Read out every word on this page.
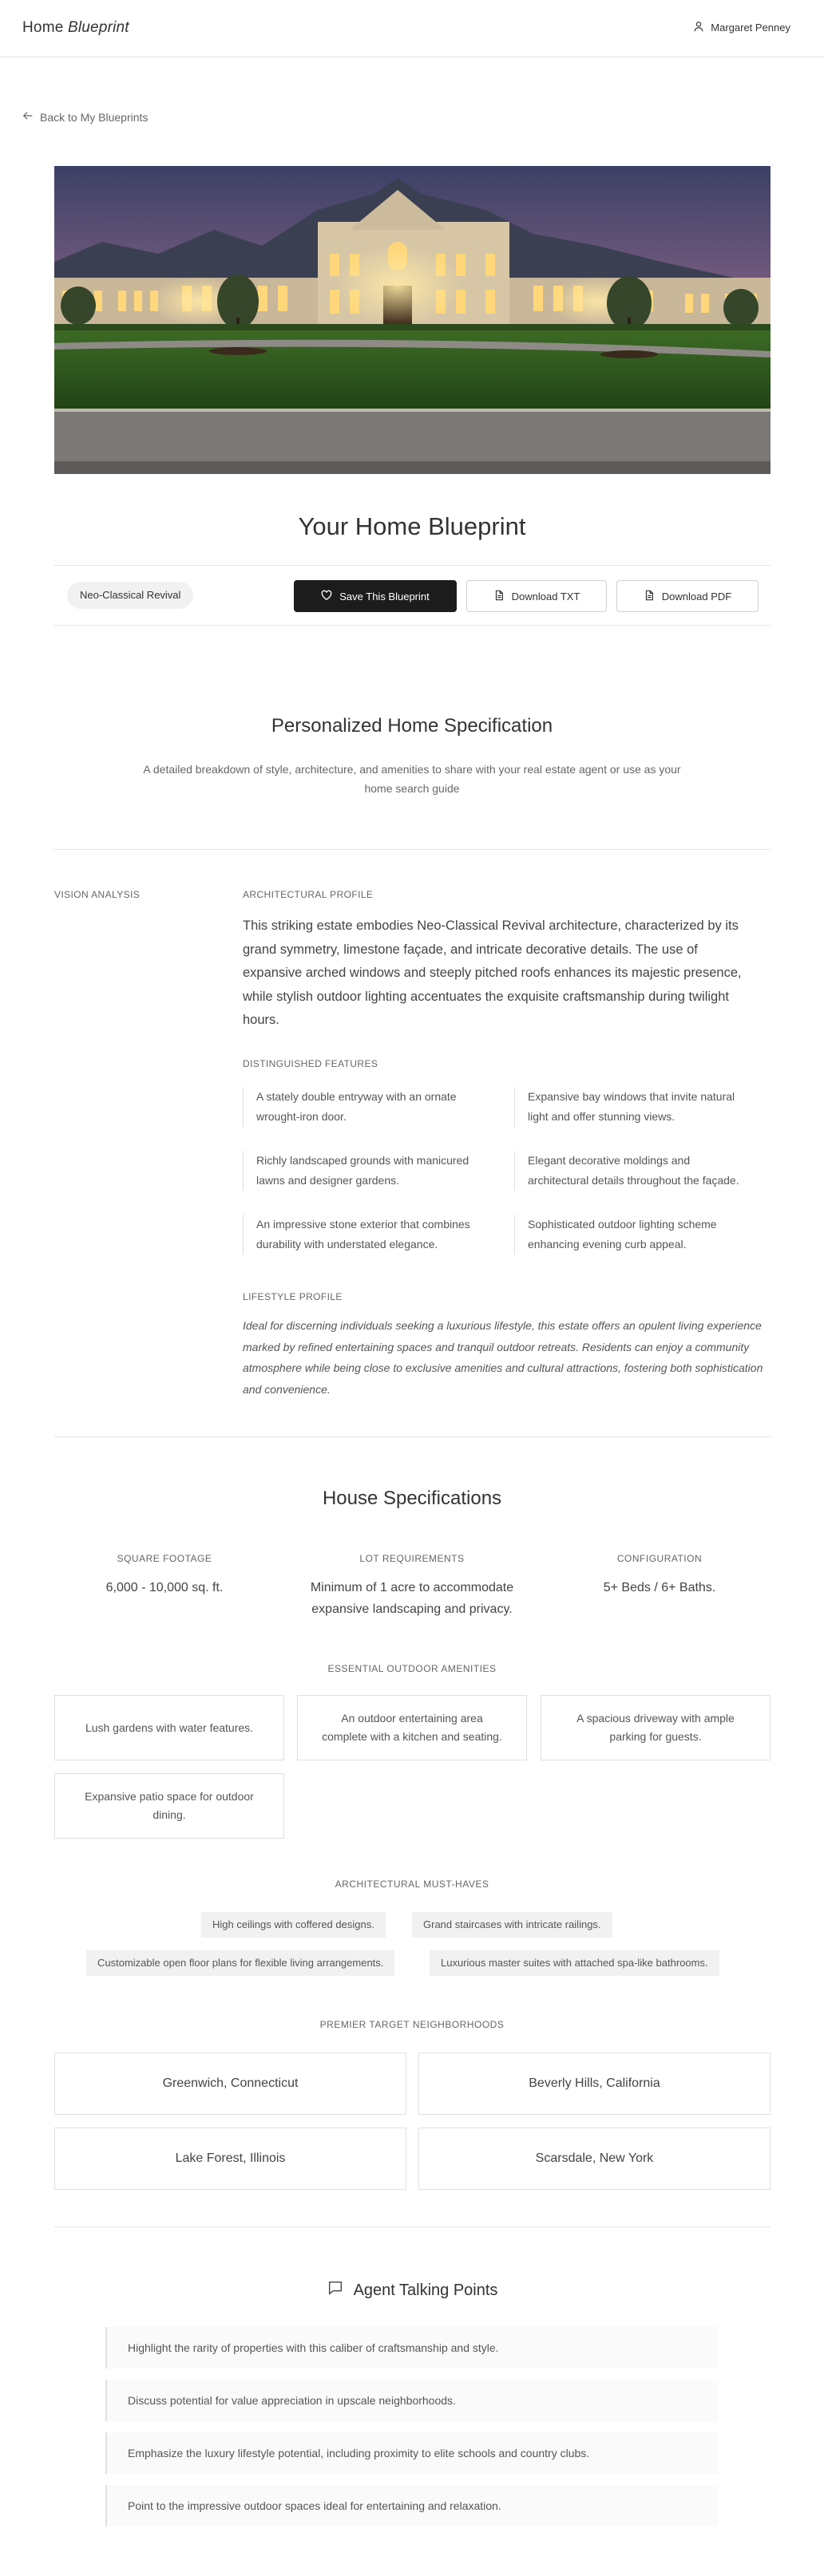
Home Blueprint	Margaret Penney
Back to My Blueprints
Your Home Blueprint
Neo-Classical Revival	Save This Blueprint	Download TXT	Download PDF
Personalized Home Specification
A detailed breakdown of style, architecture, and amenities to share with your real estate agent or use as your home search guide
VISION ANALYSIS	ARCHITECTURAL PROFILE
This striking estate embodies Neo-Classical Revival architecture, characterized by its grand symmetry, limestone façade, and intricate decorative details. The use of expansive arched windows and steeply pitched roofs enhances its majestic presence, while stylish outdoor lighting accentuates the exquisite craftsmanship during twilight hours.
DISTINGUISHED FEATURES
A stately double entryway with an ornate wrought-iron door.
Expansive bay windows that invite natural light and offer stunning views.
Richly landscaped grounds with manicured lawns and designer gardens.
Elegant decorative moldings and architectural details throughout the façade.
An impressive stone exterior that combines durability with understated elegance.
Sophisticated outdoor lighting scheme enhancing evening curb appeal.
LIFESTYLE PROFILE
Ideal for discerning individuals seeking a luxurious lifestyle, this estate offers an opulent living experience marked by refined entertaining spaces and tranquil outdoor retreats. Residents can enjoy a community atmosphere while being close to exclusive amenities and cultural attractions, fostering both sophistication and convenience.
House Specifications
SQUARE FOOTAGE
6,000 - 10,000 sq. ft.
LOT REQUIREMENTS
Minimum of 1 acre to accommodate expansive landscaping and privacy.
CONFIGURATION
5+ Beds / 6+ Baths.
ESSENTIAL OUTDOOR AMENITIES
Lush gardens with water features.
An outdoor entertaining area complete with a kitchen and seating.
A spacious driveway with ample parking for guests.
Expansive patio space for outdoor dining.
ARCHITECTURAL MUST-HAVES
High ceilings with coffered designs.	Grand staircases with intricate railings.
Customizable open floor plans for flexible living arrangements.	Luxurious master suites with attached spa-like bathrooms.
PREMIER TARGET NEIGHBORHOODS
Greenwich, Connecticut	Beverly Hills, California
Lake Forest, Illinois	Scarsdale, New York
Agent Talking Points
Highlight the rarity of properties with this caliber of craftsmanship and style.
Discuss potential for value appreciation in upscale neighborhoods.
Emphasize the luxury lifestyle potential, including proximity to elite schools and country clubs.
Point to the impressive outdoor spaces ideal for entertaining and relaxation.
